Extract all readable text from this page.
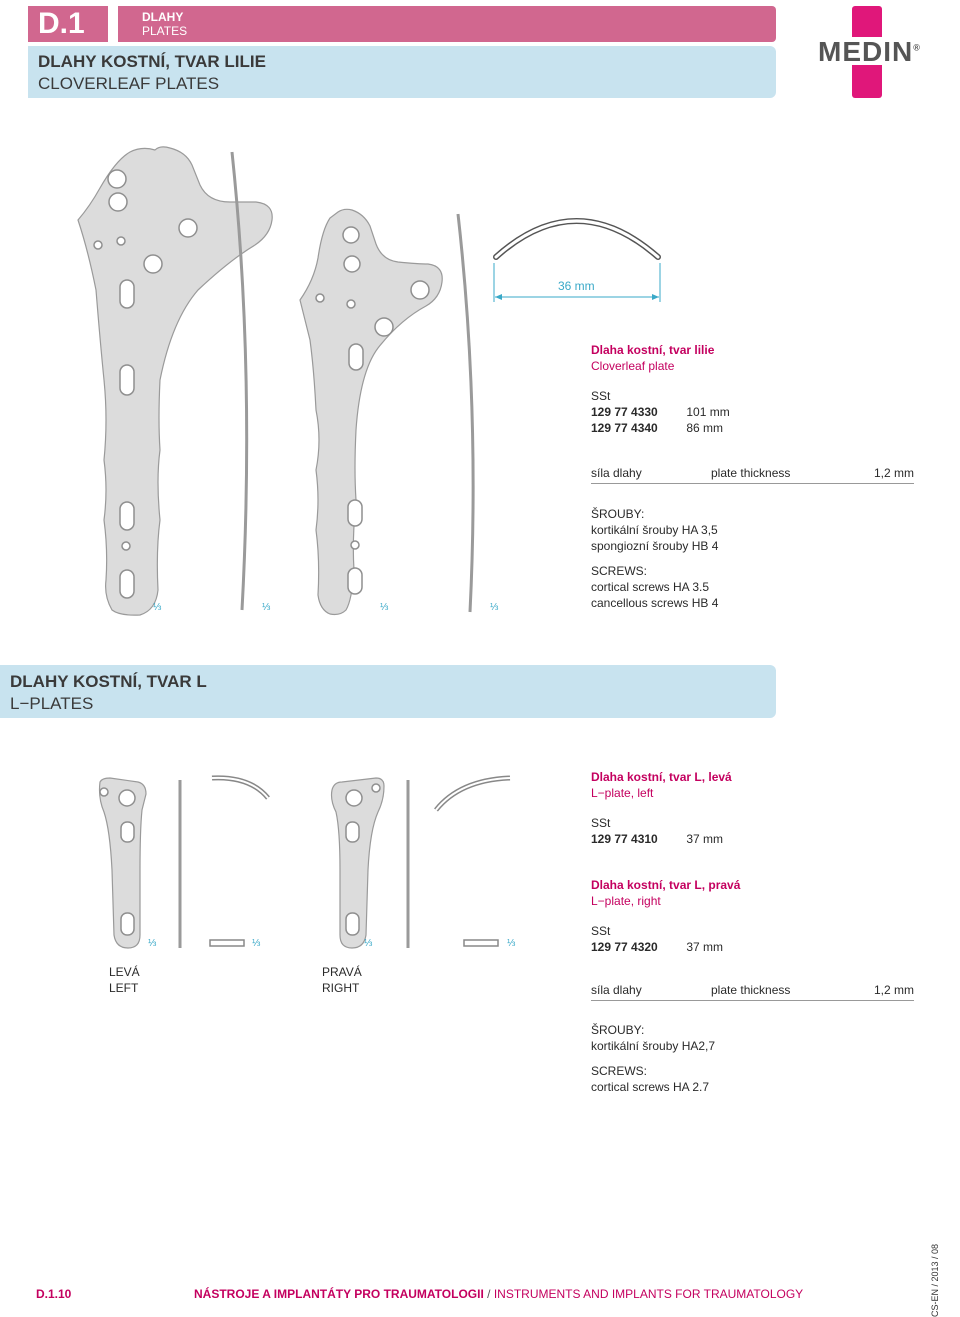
D.1	DLAHY
PLATES
MEDIN®
DLAHY KOSTNÍ, TVAR LILIE
CLOVERLEAF PLATES
⅓	⅓	⅓	⅓
36 mm
Dlaha kostní, tvar lilie
Cloverleaf plate
SSt
129 77 4330 101 mm
129 77 4340 86 mm
síla dlahy	plate thickness	1,2 mm
ŠROUBY:
kortikální šrouby HA 3,5
spongiozní šrouby HB 4
SCREWS:
cortical screws HA 3.5
cancellous screws HB 4
DLAHY KOSTNÍ, TVAR L
L−PLATES
⅓	⅓	⅓	⅓
LEVÁ
LEFT
PRAVÁ
RIGHT
Dlaha kostní, tvar L, levá
L−plate, left
SSt
129 77 4310 37 mm
Dlaha kostní, tvar L, pravá
L−plate, right
SSt
129 77 4320 37 mm
síla dlahy	plate thickness	1,2 mm
ŠROUBY:
kortikální šrouby HA2,7
SCREWS:
cortical screws HA 2.7
D.1.10	NÁSTROJE A IMPLANTÁTY PRO TRAUMATOLOGII / INSTRUMENTS AND IMPLANTS FOR TRAUMATOLOGY	CS-EN / 2013 / 08
